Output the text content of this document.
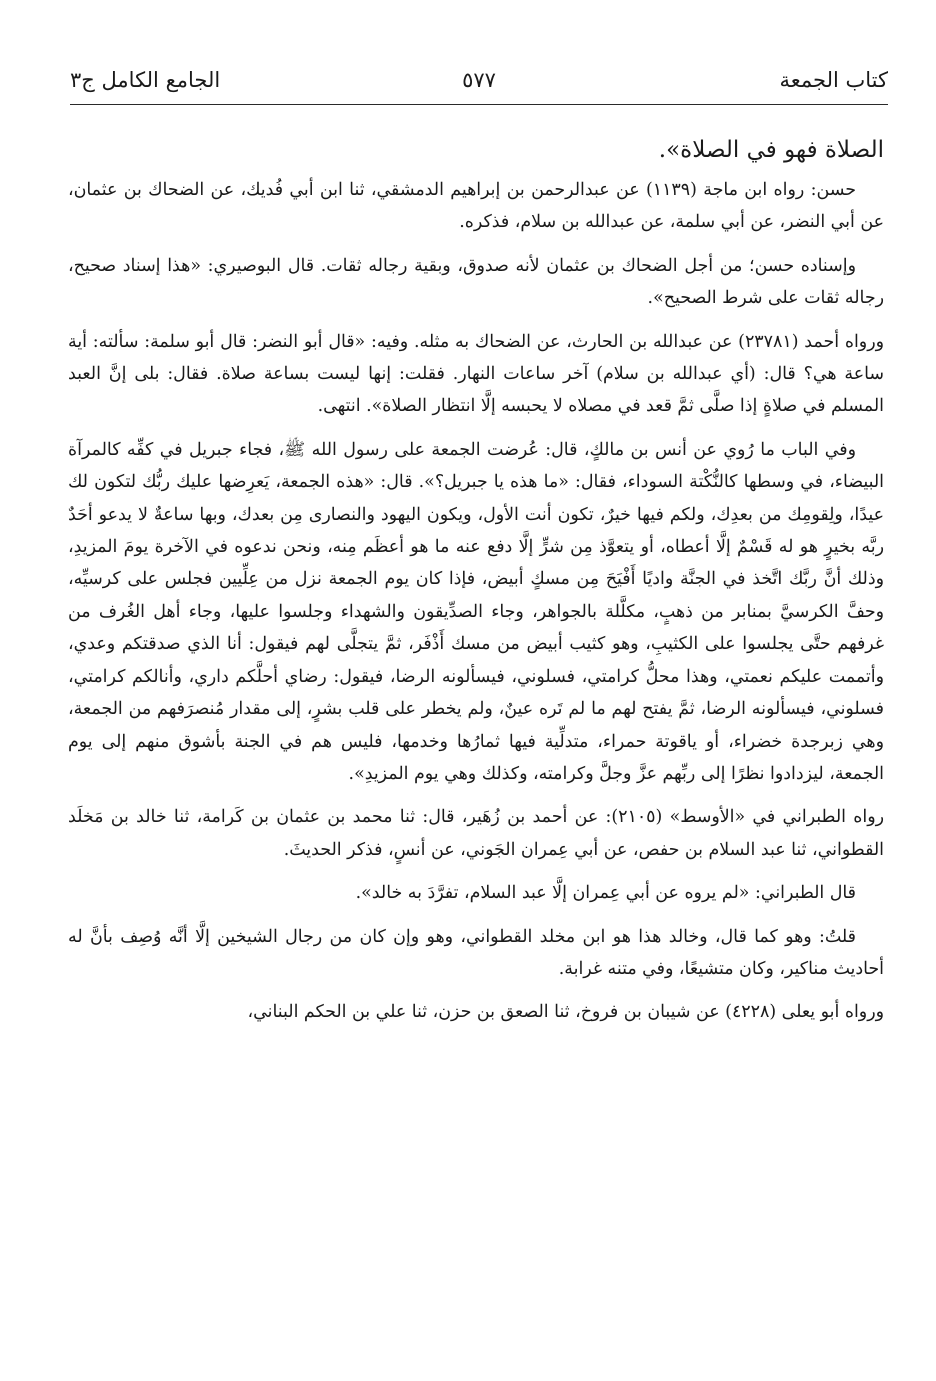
كتاب الجمعة
٥٧٧
الجامع الكامل ج٣

الصلاة فهو في الصلاة».

حسن: رواه ابن ماجة (١١٣٩) عن عبدالرحمن بن إبراهيم الدمشقي، ثنا ابن أبي فُديك، عن الضحاك بن عثمان، عن أبي النضر، عن أبي سلمة، عن عبدالله بن سلام، فذكره.

وإسناده حسن؛ من أجل الضحاك بن عثمان لأنه صدوق، وبقية رجاله ثقات. قال البوصيري: «هذا إسناد صحيح، رجاله ثقات على شرط الصحيح».

ورواه أحمد (٢٣٧٨١) عن عبدالله بن الحارث، عن الضحاك به مثله. وفيه: «قال أبو النضر: قال أبو سلمة: سألته: أية ساعة هي؟ قال: (أي عبدالله بن سلام) آخر ساعات النهار. فقلت: إنها ليست بساعة صلاة. فقال: بلى إنَّ العبد المسلم في صلاةٍ إذا صلَّى ثمَّ قعد في مصلاه لا يحبسه إلَّا انتظار الصلاة». انتهى.

وفي الباب ما رُوي عن أنس بن مالكٍ، قال: عُرضت الجمعة على رسول الله ﷺ، فجاء جبريل في كفِّه كالمرآة البيضاء، في وسطها كالنُّكْتة السوداء، فقال: «ما هذه يا جبريل؟». قال: «هذه الجمعة، يَعرِضها عليك ربُّك لتكون لك عيدًا، ولِقومِك من بعدِك، ولكم فيها خيرٌ، تكون أنت الأول، ويكون اليهود والنصارى مِن بعدك، وبها ساعةٌ لا يدعو أحَدٌ ربَّه بخيرٍ هو له قَسْمٌ إلَّا أعطاه، أو يتعوَّذ مِن شرٍّ إلَّا دفع عنه ما هو أعظَم مِنه، ونحن ندعوه في الآخرة يومَ المزيدِ، وذلك أنَّ ربَّك اتَّخذ في الجنَّة واديًا أَفْيَحَ مِن مسكٍ أبيض، فإذا كان يوم الجمعة نزل من عِلِّيين فجلس على كرسيِّه، وحفَّ الكرسيَّ بمنابر من ذهبٍ، مكلَّلة بالجواهر، وجاء الصدِّيقون والشهداء وجلسوا عليها، وجاء أهل الغُرف من غرفهم حتَّى يجلسوا على الكثيبِ، وهو كثيب أبيض من مسك أَذْفَر، ثمَّ يتجلَّى لهم فيقول: أنا الذي صدقتكم وعدي، وأتممت عليكم نعمتي، وهذا محلُّ كرامتي، فسلوني، فيسألونه الرضا، فيقول: رضاي أحلَّكم داري، وأنالكم كرامتي، فسلوني، فيسألونه الرضا، ثمَّ يفتح لهم ما لم تَره عينٌ، ولم يخطر على قلب بشرٍ، إلى مقدار مُنصرَفهم من الجمعة، وهي زبرجدة خضراء، أو ياقوتة حمراء، متدلِّية فيها ثمارُها وخدمها، فليس هم في الجنة بأشوق منهم إلى يوم الجمعة، ليزدادوا نظرًا إلى ربِّهم عزَّ وجلَّ وكرامته، وكذلك وهي يوم المزيدِ».

رواه الطبراني في «الأوسط» (٢١٠٥): عن أحمد بن زُهَير، قال: ثنا محمد بن عثمان بن كَرامة، ثنا خالد بن مَخلَد القطواني، ثنا عبد السلام بن حفص، عن أبي عِمران الجَوني، عن أنسٍ، فذكر الحديثَ.

قال الطبراني: «لم يروه عن أبي عِمران إلَّا عبد السلام، تفرَّدَ به خالد».

قلتُ: وهو كما قال، وخالد هذا هو ابن مخلد القطواني، وهو وإن كان من رجال الشيخين إلَّا أنَّه وُصِف بأنَّ له أحاديث مناكير، وكان متشيعًا، وفي متنه غرابة.

ورواه أبو يعلى (٤٢٢٨) عن شيبان بن فروخ، ثنا الصعق بن حزن، ثنا علي بن الحكم البناني،
